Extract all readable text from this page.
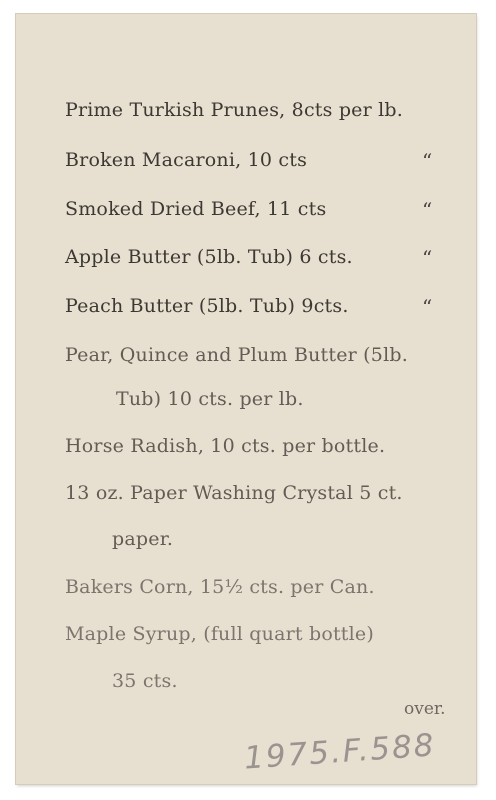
Prime Turkish Prunes, 8cts per lb.
Broken Macaroni, 10 cts	“
Smoked Dried Beef, 11 cts	“
Apple Butter (5lb. Tub) 6 cts.	“
Peach Butter (5lb. Tub) 9cts.	“
Pear, Quince and Plum Butter (5lb.
Tub) 10 cts. per lb.
Horse Radish, 10 cts. per bottle.
13 oz. Paper Washing Crystal 5 ct.
paper.
Bakers Corn, 15½ cts. per Can.
Maple Syrup, (full quart bottle)
35 cts.
over.
1975.F.588
